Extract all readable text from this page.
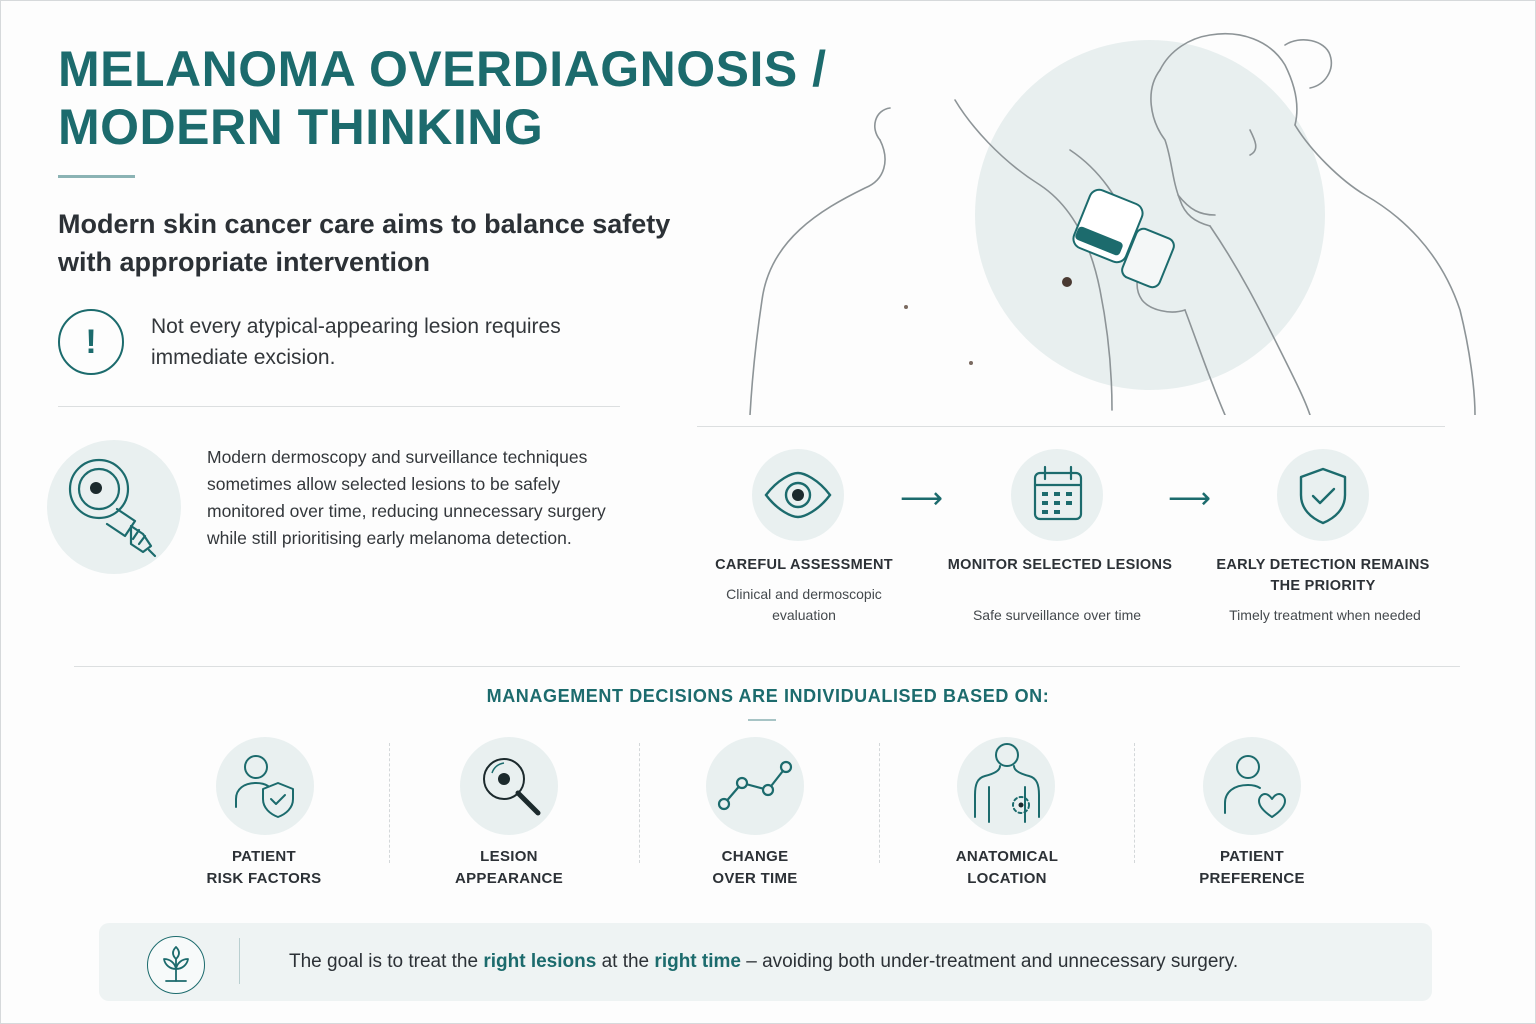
MELANOMA OVERDIAGNOSIS /
MODERN THINKING

Modern skin cancer care aims to balance safety with appropriate intervention

!	Not every atypical-appearing lesion requires immediate excision.
Modern dermoscopy and surveillance techniques sometimes allow selected lesions to be safely monitored over time, reducing unnecessary surgery while still prioritising early melanoma detection.
CAREFUL ASSESSMENT
Clinical and dermoscopic evaluation
⟶
MONITOR SELECTED LESIONS
Safe surveillance over time
⟶
EARLY DETECTION REMAINS THE PRIORITY
Timely treatment when needed
MANAGEMENT DECISIONS ARE INDIVIDUALISED BASED ON:
PATIENT
RISK FACTORS
LESION
APPEARANCE
CHANGE
OVER TIME
ANATOMICAL
LOCATION
PATIENT
PREFERENCE
The goal is to treat the right lesions at the right time – avoiding both under-treatment and unnecessary surgery.
